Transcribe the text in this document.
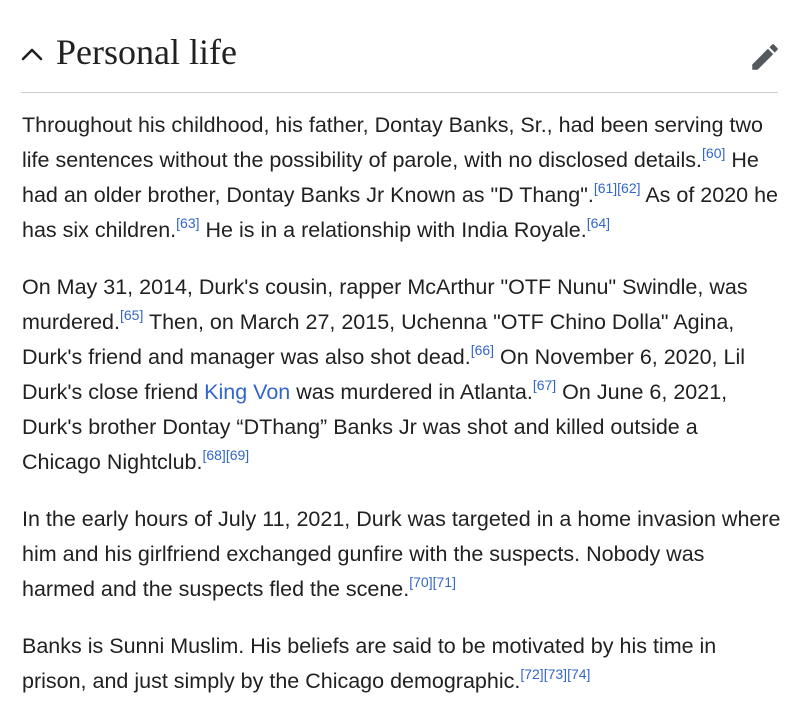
Personal life

Throughout his childhood, his father, Dontay Banks, Sr., had been serving two life sentences without the possibility of parole, with no disclosed details.[60] He had an older brother, Dontay Banks Jr Known as "D Thang".[61][62] As of 2020 he has six children.[63] He is in a relationship with India Royale.[64]

On May 31, 2014, Durk's cousin, rapper McArthur "OTF Nunu" Swindle, was murdered.[65] Then, on March 27, 2015, Uchenna "OTF Chino Dolla" Agina, Durk's friend and manager was also shot dead.[66] On November 6, 2020, Lil Durk's close friend King Von was murdered in Atlanta.[67] On June 6, 2021, Durk's brother Dontay “DThang” Banks Jr was shot and killed outside a Chicago Nightclub.[68][69]

In the early hours of July 11, 2021, Durk was targeted in a home invasion where him and his girlfriend exchanged gunfire with the suspects. Nobody was harmed and the suspects fled the scene.[70][71]

Banks is Sunni Muslim. His beliefs are said to be motivated by his time in prison, and just simply by the Chicago demographic.[72][73][74]
